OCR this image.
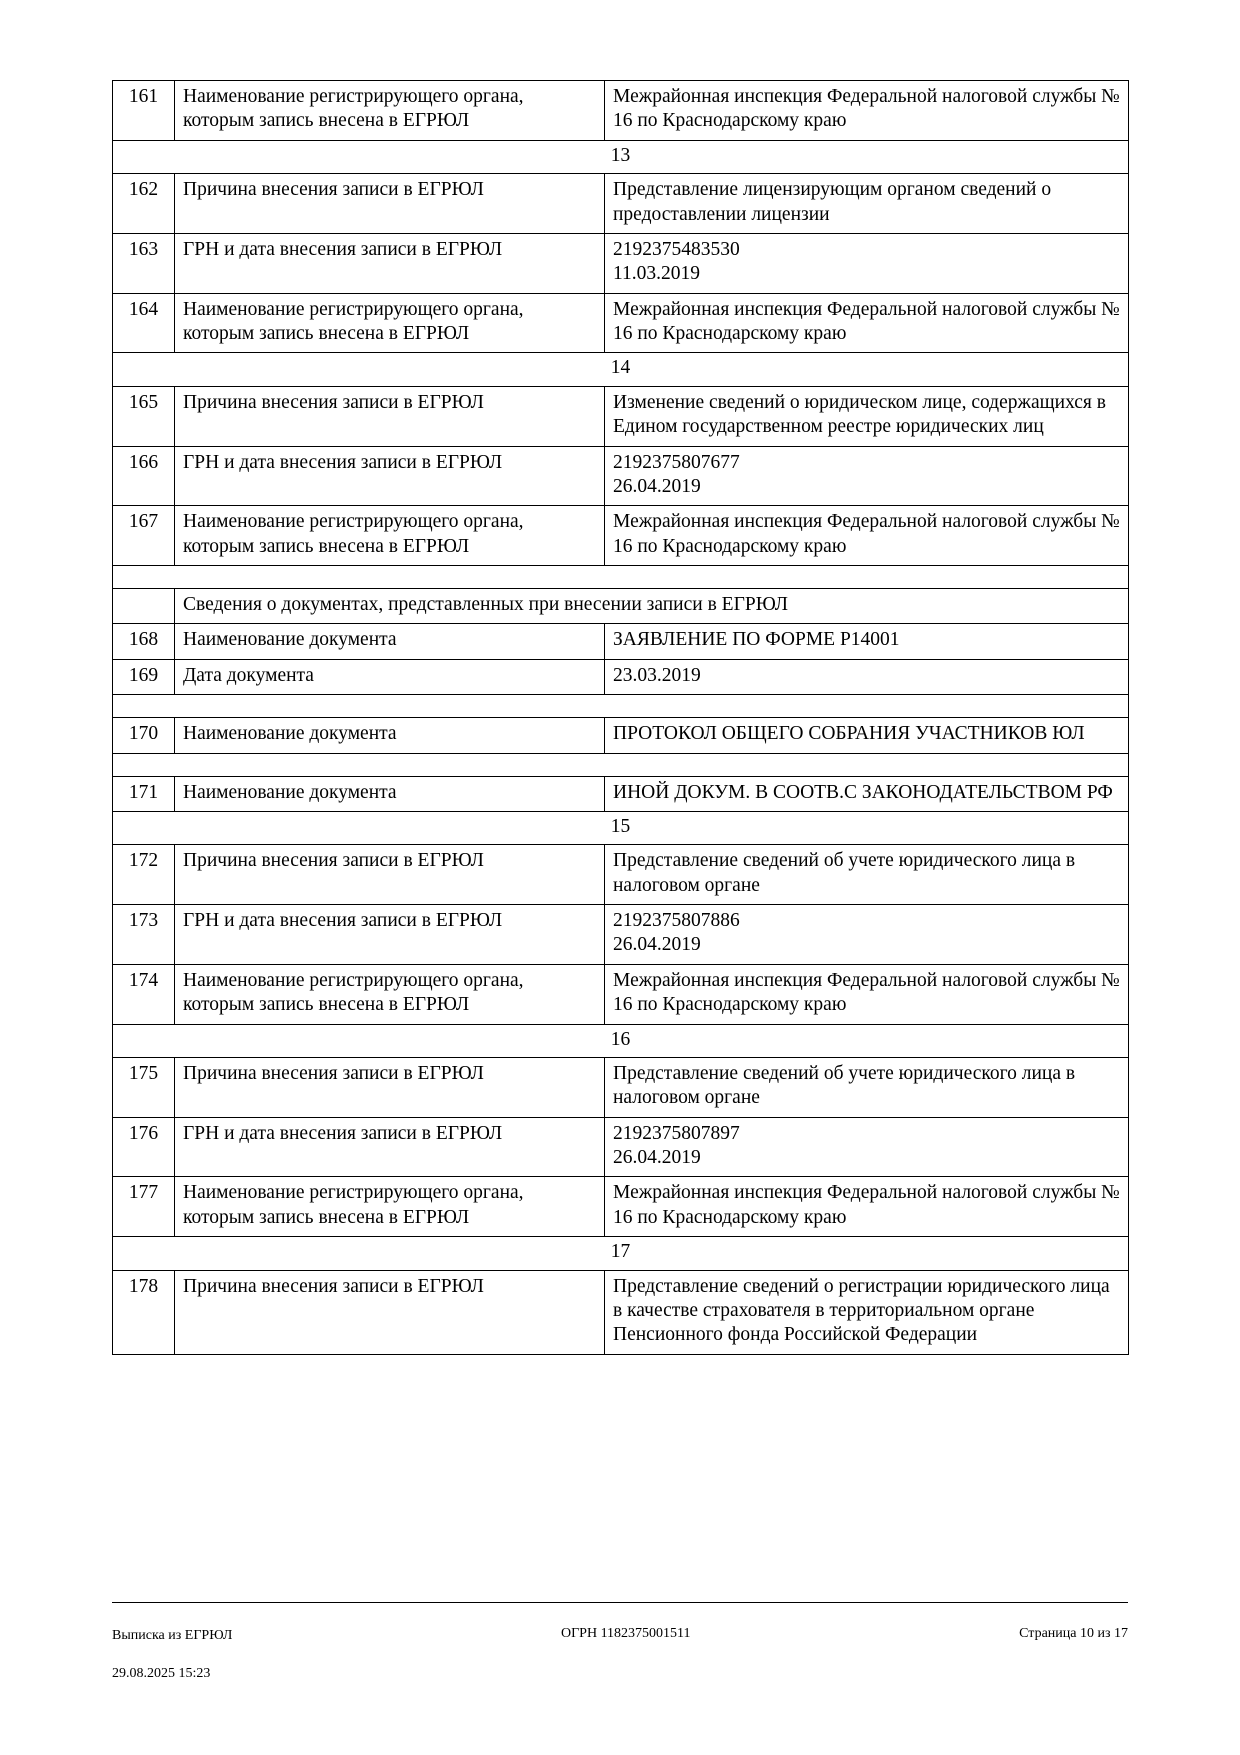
161	Наименование регистрирующего органа, которым запись внесена в ЕГРЮЛ	Межрайонная инспекция Федеральной налоговой службы № 16 по Краснодарскому краю
13		
162	Причина внесения записи в ЕГРЮЛ	Представление лицензирующим органом сведений о предоставлении лицензии
163	ГРН и дата внесения записи в ЕГРЮЛ	2192375483530
11.03.2019

164	Наименование регистрирующего органа, которым запись внесена в ЕГРЮЛ	Межрайонная инспекция Федеральной налоговой службы № 16 по Краснодарскому краю
14		
165	Причина внесения записи в ЕГРЮЛ	Изменение сведений о юридическом лице, содержащихся в Едином государственном реестре юридических лиц
166	ГРН и дата внесения записи в ЕГРЮЛ	2192375807677
26.04.2019

167	Наименование регистрирующего органа, которым запись внесена в ЕГРЮЛ	Межрайонная инспекция Федеральной налоговой службы № 16 по Краснодарскому краю

	Сведения о документах, представленных при внесении записи в ЕГРЮЛ	
168	Наименование документа	ЗАЯВЛЕНИЕ ПО ФОРМЕ Р14001
169	Дата документа	23.03.2019

170	Наименование документа	ПРОТОКОЛ ОБЩЕГО СОБРАНИЯ УЧАСТНИКОВ ЮЛ

171	Наименование документа	ИНОЙ ДОКУМ. В СООТВ.С ЗАКОНОДАТЕЛЬСТВОМ РФ
15		
172	Причина внесения записи в ЕГРЮЛ	Представление сведений об учете юридического лица в налоговом органе
173	ГРН и дата внесения записи в ЕГРЮЛ	2192375807886
26.04.2019

174	Наименование регистрирующего органа, которым запись внесена в ЕГРЮЛ	Межрайонная инспекция Федеральной налоговой службы № 16 по Краснодарскому краю
16		
175	Причина внесения записи в ЕГРЮЛ	Представление сведений об учете юридического лица в налоговом органе
176	ГРН и дата внесения записи в ЕГРЮЛ	2192375807897
26.04.2019

177	Наименование регистрирующего органа, которым запись внесена в ЕГРЮЛ	Межрайонная инспекция Федеральной налоговой службы № 16 по Краснодарскому краю
17		
178	Причина внесения записи в ЕГРЮЛ	Представление сведений о регистрации юридического лица в качестве страхователя в территориальном органе Пенсионного фонда Российской Федерации

Выписка из ЕГРЮЛ

29.08.2025 15:23

ОГРН 1182375001511	Страница 10 из 17
